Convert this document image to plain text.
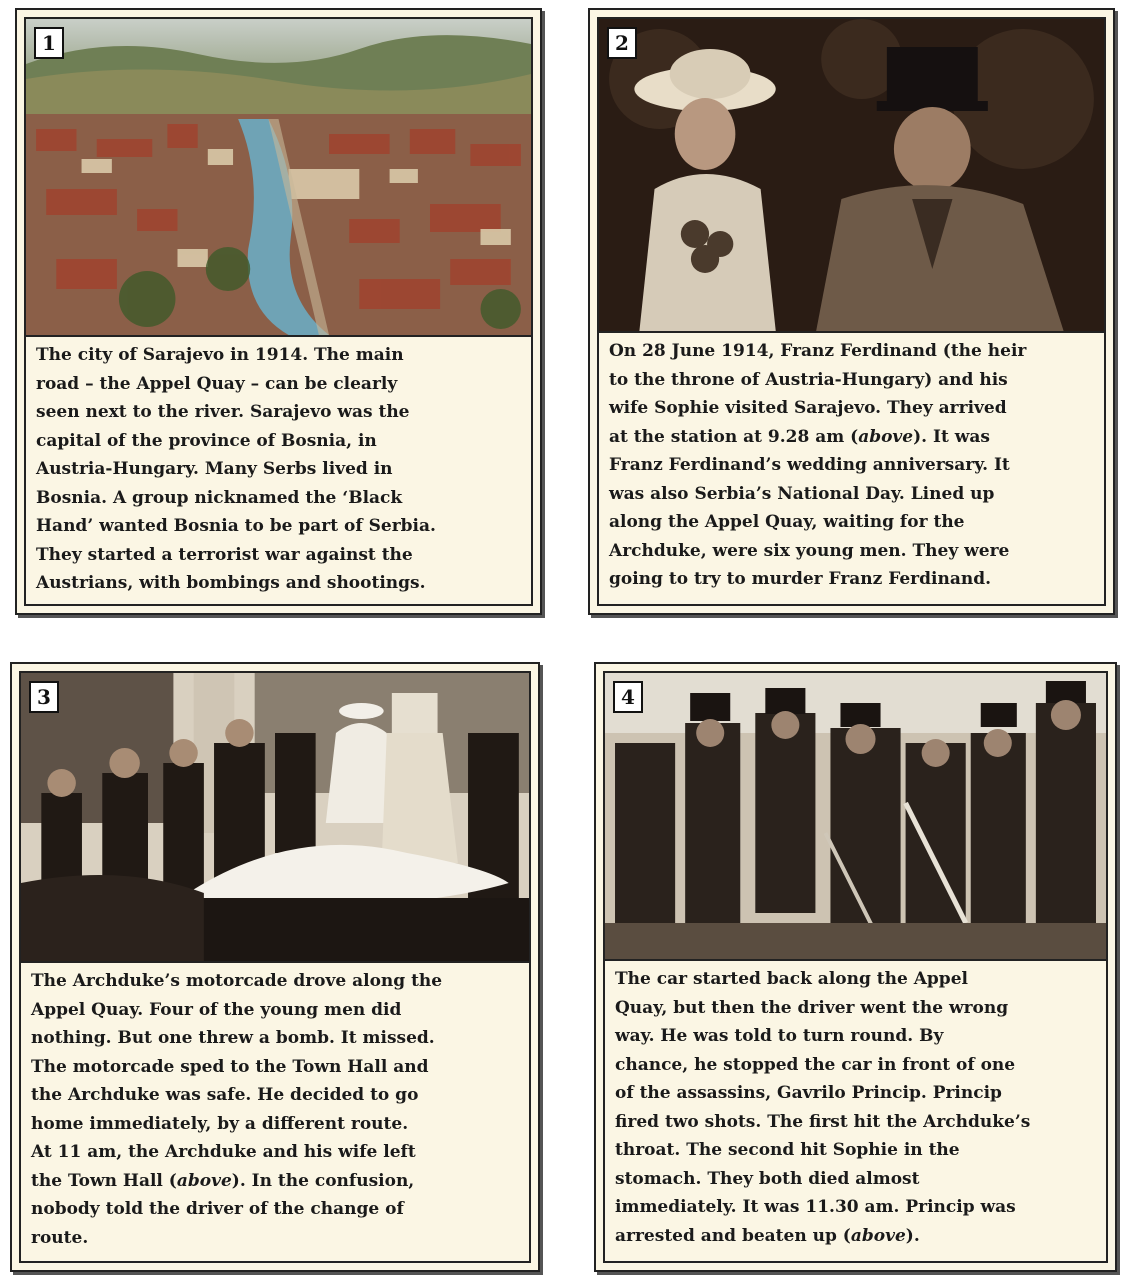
1
The city of Sarajevo in 1914. The main
road – the Appel Quay – can be clearly
seen next to the river. Sarajevo was the
capital of the province of Bosnia, in
Austria-Hungary. Many Serbs lived in
Bosnia. A group nicknamed the ‘Black
Hand’ wanted Bosnia to be part of Serbia.
They started a terrorist war against the
Austrians, with bombings and shootings.
2
On 28 June 1914, Franz Ferdinand (the heir
to the throne of Austria-Hungary) and his
wife Sophie visited Sarajevo. They arrived
at the station at 9.28 am (above). It was
Franz Ferdinand’s wedding anniversary. It
was also Serbia’s National Day. Lined up
along the Appel Quay, waiting for the
Archduke, were six young men. They were
going to try to murder Franz Ferdinand.
3
The Archduke’s motorcade drove along the
Appel Quay. Four of the young men did
nothing. But one threw a bomb. It missed.
The motorcade sped to the Town Hall and
the Archduke was safe. He decided to go
home immediately, by a different route.
At 11 am, the Archduke and his wife left
the Town Hall (above). In the confusion,
nobody told the driver of the change of
route.
4
The car started back along the Appel
Quay, but then the driver went the wrong
way. He was told to turn round. By
chance, he stopped the car in front of one
of the assassins, Gavrilo Princip. Princip
fired two shots. The first hit the Archduke’s
throat. The second hit Sophie in the
stomach. They both died almost
immediately. It was 11.30 am. Princip was
arrested and beaten up (above).
